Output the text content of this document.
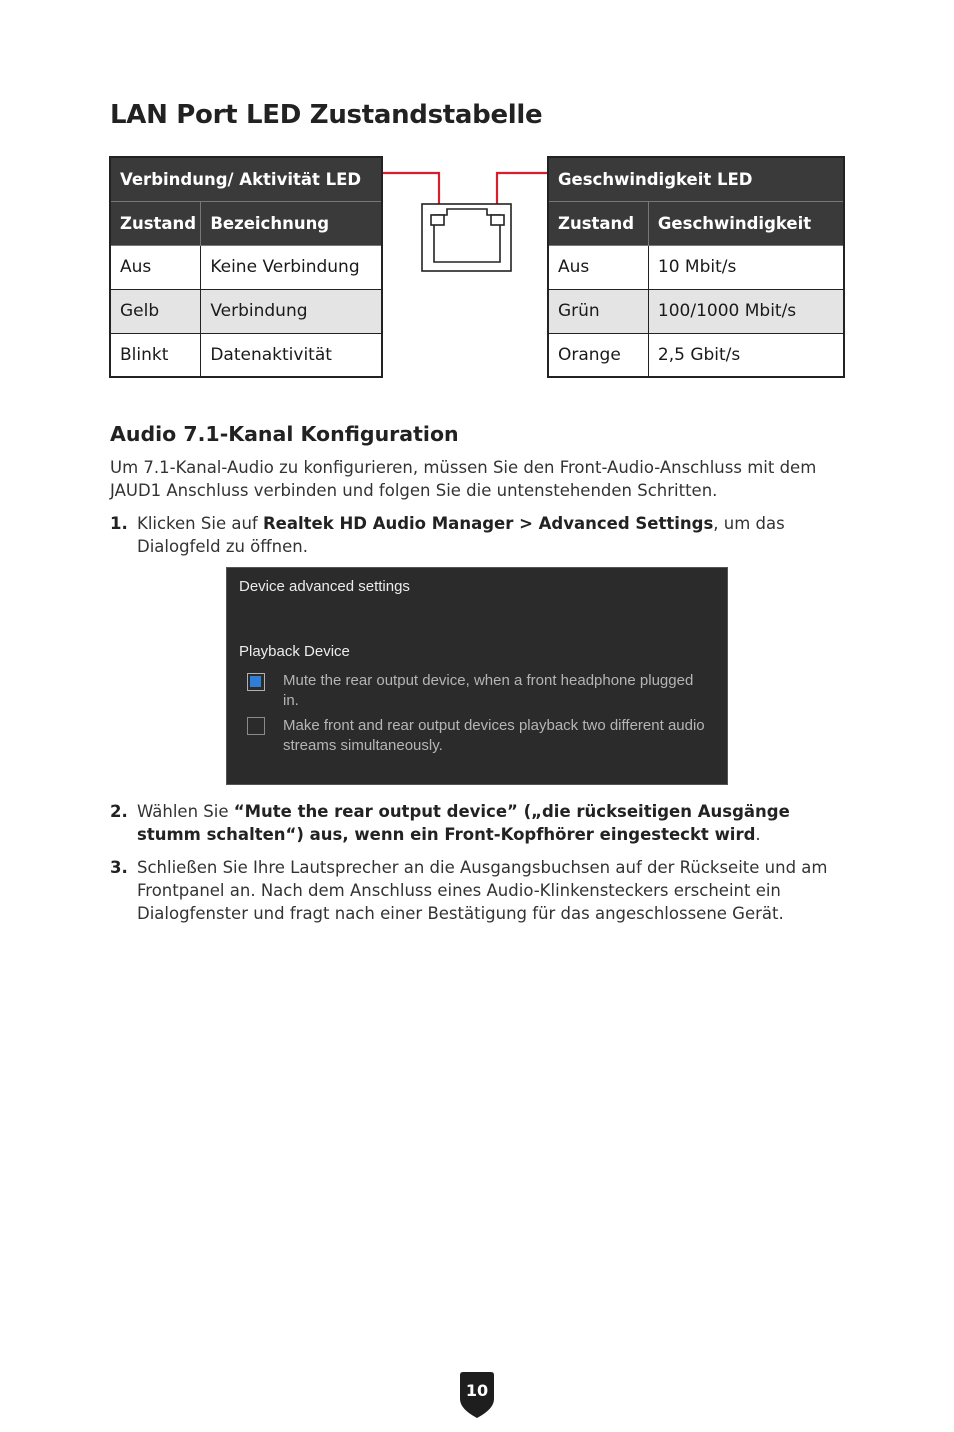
LAN Port LED Zustandstabelle
Verbindung/ Aktivität LED	
Zustand	Bezeichnung
Aus	Keine Verbindung
Gelb	Verbindung
Blinkt	Datenaktivität
Geschwindigkeit LED	
Zustand	Geschwindigkeit
Aus	10 Mbit/s
Grün	100/1000 Mbit/s
Orange	2,5 Gbit/s
Audio 7.1-Kanal Konfiguration

Um 7.1-Kanal-Audio zu konfigurieren, müssen Sie den Front-Audio-Anschluss mit dem JAUD1 Anschluss verbinden und folgen Sie die untenstehenden Schritten.

1. Klicken Sie auf Realtek HD Audio Manager > Advanced Settings, um das Dialogfeld zu öffnen.
Device advanced settings
Playback Device
Mute the rear output device, when a front headphone plugged in.
Make front and rear output devices playback two different audio streams simultaneously.
2. Wählen Sie “Mute the rear output device” („die rückseitigen Ausgänge stumm schalten“) aus, wenn ein Front-Kopfhörer eingesteckt wird.
3. Schließen Sie Ihre Lautsprecher an die Ausgangsbuchsen auf der Rückseite und am Frontpanel an. Nach dem Anschluss eines Audio-Klinkensteckers erscheint ein Dialogfenster und fragt nach einer Bestätigung für das angeschlossene Gerät.
10
